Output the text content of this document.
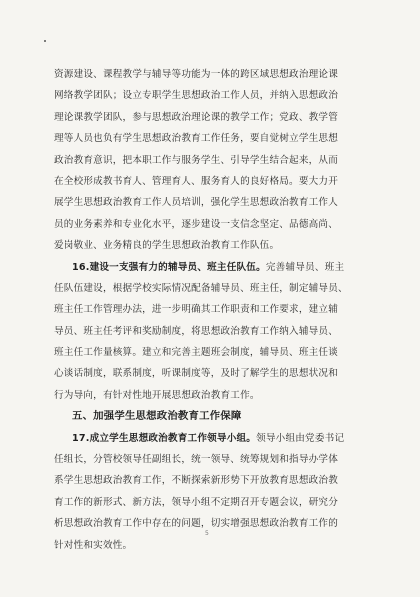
资源建设、课程教学与辅导等功能为一体的跨区域思想政治理论课
网络教学团队；设立专职学生思想政治工作人员，并纳入思想政治
理论课教学团队，参与思想政治理论课的教学工作；党政、教学管
理等人员也负有学生思想政治教育工作任务，要自觉树立学生思想
政治教育意识，把本职工作与服务学生、引导学生结合起来，从而
在全校形成教书育人、管理育人、服务育人的良好格局。要大力开
展学生思想政治教育工作人员培训，强化学生思想政治教育工作人
员的业务素养和专业化水平，逐步建设一支信念坚定、品德高尚、
爱岗敬业、业务精良的学生思想政治教育工作队伍。
16.建设一支强有力的辅导员、班主任队伍。完善辅导员、班主
任队伍建设，根据学校实际情况配备辅导员、班主任，制定辅导员、
班主任工作管理办法，进一步明确其工作职责和工作要求，建立辅
导员、班主任考评和奖励制度，将思想政治教育工作纳入辅导员、
班主任工作量核算。建立和完善主题班会制度，辅导员、班主任谈
心谈话制度，联系制度，听课制度等，及时了解学生的思想状况和
行为导向，有针对性地开展思想政治教育工作。
五、加强学生思想政治教育工作保障
17.成立学生思想政治教育工作领导小组。领导小组由党委书记
任组长，分管校领导任副组长，统一领导、统筹规划和指导办学体
系学生思想政治教育工作，不断探索新形势下开放教育思想政治教
育工作的新形式、新方法，领导小组不定期召开专题会议，研究分
析思想政治教育工作中存在的问题，切实增强思想政治教育工作的
针对性和实效性。
5
